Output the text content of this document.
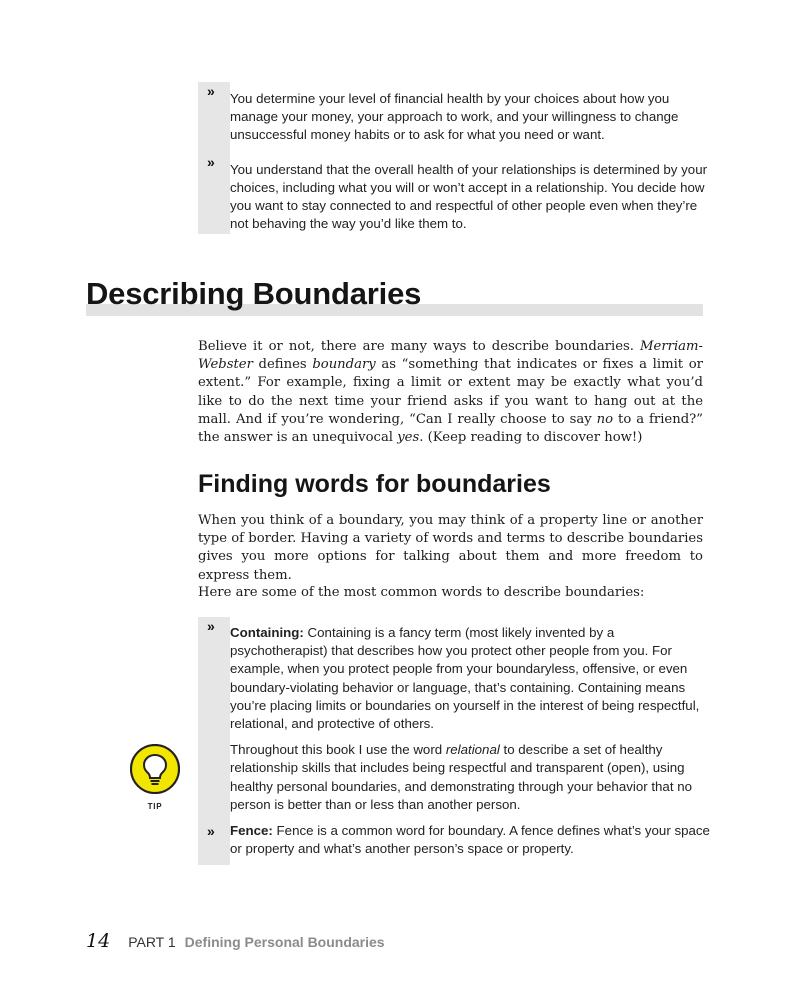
» You determine your level of financial health by your choices about how you manage your money, your approach to work, and your willingness to change unsuccessful money habits or to ask for what you need or want.
» You understand that the overall health of your relationships is determined by your choices, including what you will or won’t accept in a relationship. You decide how you want to stay connected to and respectful of other people even when they’re not behaving the way you’d like them to.
Describing Boundaries

Believe it or not, there are many ways to describe boundaries. Merriam-Webster defines boundary as “something that indicates or fixes a limit or extent.” For example, fixing a limit or extent may be exactly what you’d like to do the next time your friend asks if you want to hang out at the mall. And if you’re wondering, “Can I really choose to say no to a friend?” the answer is an unequivocal yes. (Keep reading to discover how!)

Finding words for boundaries

When you think of a boundary, you may think of a property line or another type of border. Having a variety of words and terms to describe boundaries gives you more options for talking about them and more freedom to express them.

Here are some of the most common words to describe boundaries:

» Containing: Containing is a fancy term (most likely invented by a psychotherapist) that describes how you protect other people from you. For example, when you protect people from your boundaryless, offensive, or even boundary-violating behavior or language, that’s containing. Containing means you’re placing limits or boundaries on yourself in the interest of being respectful, relational, and protective of others.
Throughout this book I use the word relational to describe a set of healthy relationship skills that includes being respectful and transparent (open), using healthy personal boundaries, and demonstrating through your behavior that no person is better than or less than another person.
» Fence: Fence is a common word for boundary. A fence defines what’s your space or property and what’s another person’s space or property.
TIP
14 PART 1 Defining Personal Boundaries
